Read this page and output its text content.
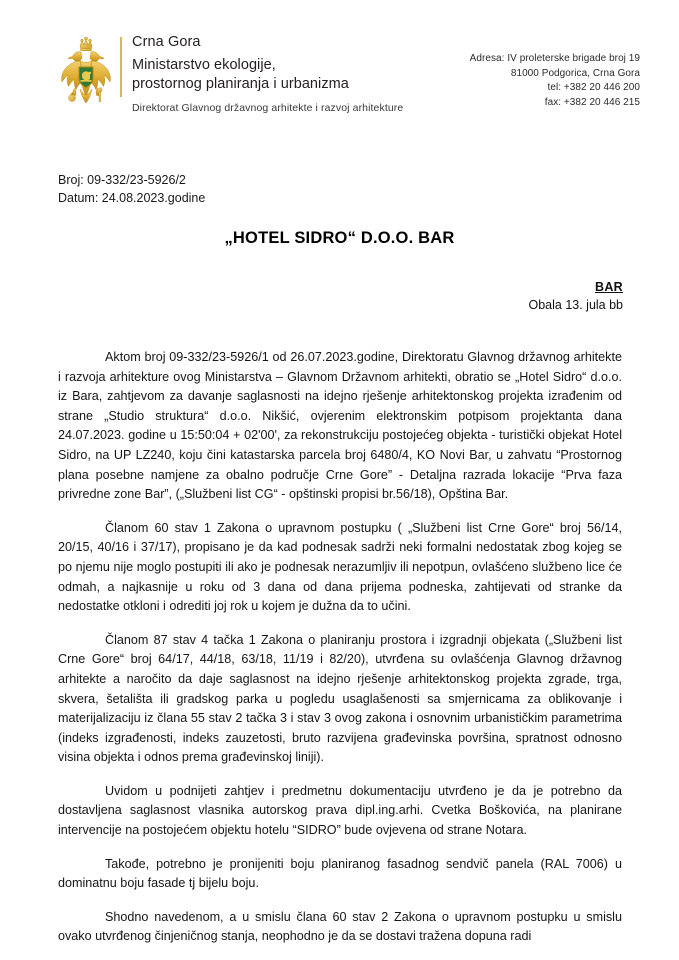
Crna Gora
Ministarstvo ekologije,
prostornog planiranja i urbanizma
Direktorat Glavnog državnog arhitekte i razvoj arhitekture
Adresa: IV proleterske brigade broj 19
81000 Podgorica, Crna Gora
tel: +382 20 446 200
fax: +382 20 446 215
Broj: 09-332/23-5926/2
Datum: 24.08.2023.godine
„HOTEL SIDRO“ D.O.O. BAR
BAR
Obala 13. jula bb

Aktom broj 09-332/23-5926/1 od 26.07.2023.godine, Direktoratu Glavnog državnog arhitekte i razvoja arhitekture ovog Ministarstva – Glavnom Državnom arhitekti, obratio se „Hotel Sidro“ d.o.o. iz Bara, zahtjevom za davanje saglasnosti na idejno rješenje arhitektonskog projekta izrađenim od strane „Studio struktura“ d.o.o. Nikšić, ovjerenim elektronskim potpisom projektanta dana 24.07.2023. godine u 15:50:04 + 02'00', za rekonstrukciju postojećeg objekta - turistički objekat Hotel Sidro, na UP LZ240, koju čini katastarska parcela broj 6480/4, KO Novi Bar, u zahvatu “Prostornog plana posebne namjene za obalno područje Crne Gore” - Detaljna razrada lokacije “Prva faza privredne zone Bar”, („Službeni list CG“ - opštinski propisi br.56/18), Opština Bar.

Članom 60 stav 1 Zakona o upravnom postupku ( „Službeni list Crne Gore“ broj 56/14, 20/15, 40/16 i 37/17), propisano je da kad podnesak sadrži neki formalni nedostatak zbog kojeg se po njemu nije moglo postupiti ili ako je podnesak nerazumljiv ili nepotpun, ovlašćeno službeno lice će odmah, a najkasnije u roku od 3 dana od dana prijema podneska, zahtijevati od stranke da nedostatke otkloni i odrediti joj rok u kojem je dužna da to učini.

Članom 87 stav 4 tačka 1 Zakona o planiranju prostora i izgradnji objekata („Službeni list Crne Gore“ broj 64/17, 44/18, 63/18, 11/19 i 82/20), utvrđena su ovlašćenja Glavnog državnog arhitekte a naročito da daje saglasnost na idejno rješenje arhitektonskog projekta zgrade, trga, skvera, šetališta ili gradskog parka u pogledu usaglašenosti sa smjernicama za oblikovanje i materijalizaciju iz člana 55 stav 2 tačka 3 i stav 3 ovog zakona i osnovnim urbanističkim parametrima (indeks izgrađenosti, indeks zauzetosti, bruto razvijena građevinska površina, spratnost odnosno visina objekta i odnos prema građevinskoj liniji).

Uvidom u podnijeti zahtjev i predmetnu dokumentaciju utvrđeno je da je potrebno da dostavljena saglasnost vlasnika autorskog prava dipl.ing.arhi. Cvetka Boškovića, na planirane intervencije na postojećem objektu hotelu “SIDRO” bude ovjevena od strane Notara.

Takođe, potrebno je pronijeniti boju planiranog fasadnog sendvič panela (RAL 7006) u dominatnu boju fasade tj bijelu boju.

Shodno navedenom, a u smislu člana 60 stav 2 Zakona o upravnom postupku u smislu ovako utvrđenog činjeničnog stanja, neophodno je da se dostavi tražena dopuna radi
